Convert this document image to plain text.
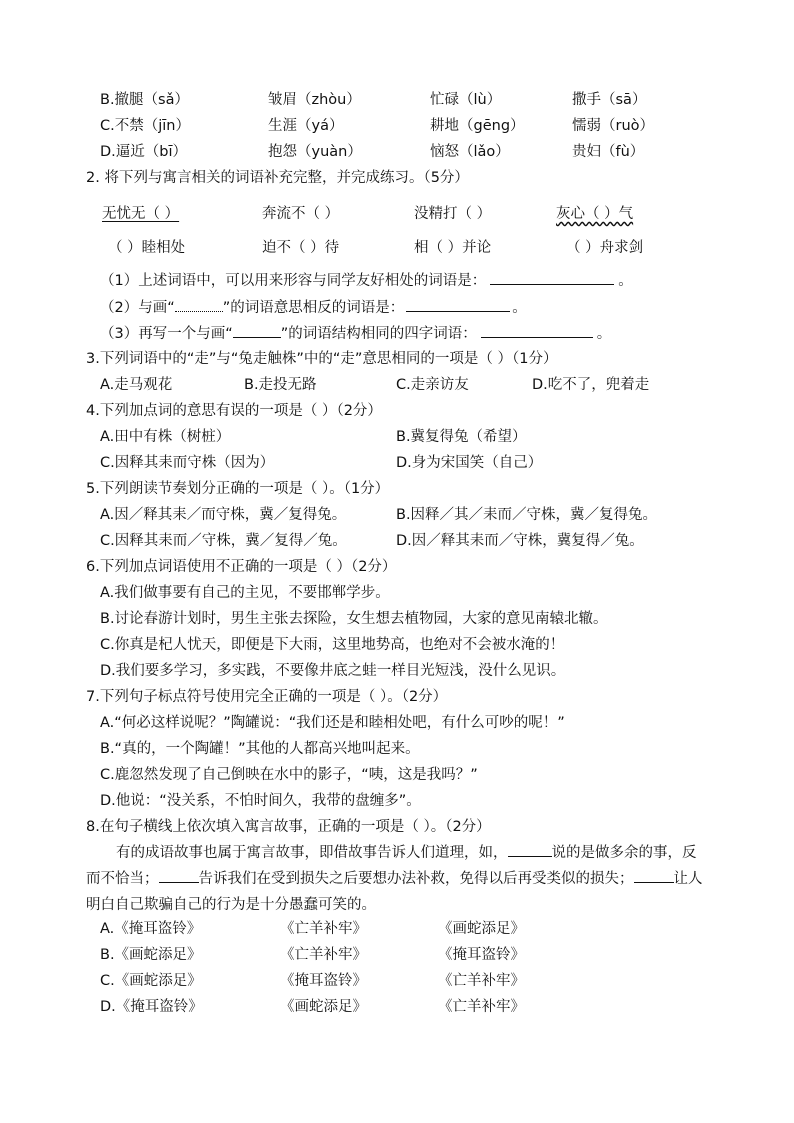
B.撤腿（sǎ）	皱眉（zhòu）	忙碌（lù）	撒手（sā）
C.不禁（jīn）	生涯（yá）	耕地（gēng）	懦弱（ruò）
D.逼近（bī）	抱怨（yuàn）	恼怒（lǎo）	贵妇（fù）
2. 将下列与寓言相关的词语补充完整，并完成练习。（5分）
无忧无（ ）	奔流不（ ）	没精打（ ）	灰心（ ）气
（ ）睦相处	迫不（ ）待	相（ ）并论	（ ）舟求剑
（1）上述词语中，可以用来形容与同学友好相处的词语是：	。
（2）与画“	”的词语意思相反的词语是：	。
（3）再写一个与画“	”的词语结构相同的四字词语：	。
3.下列词语中的“走”与“兔走触株”中的“走”意思相同的一项是（ ）（1分）
A.走马观花	B.走投无路	C.走亲访友	D.吃不了，兜着走
4.下列加点词的意思有误的一项是（ ）（2分）
A.田中有株（树桩）	B.冀复得兔（希望）
C.因释其耒而守株（因为）	D.身为宋国笑（自己）
5.下列朗读节奏划分正确的一项是（ ）。（1分）
A.因／释其耒／而守株，冀／复得兔。	B.因释／其／耒而／守株，冀／复得兔。
C.因释其耒而／守株，冀／复得／兔。	D.因／释其耒而／守株，冀复得／兔。
6.下列加点词语使用不正确的一项是（ ）（2分）
A.我们做事要有自己的主见，不要邯郸学步。
B.讨论春游计划时，男生主张去探险，女生想去植物园，大家的意见南辕北辙。
C.你真是杞人忧天，即便是下大雨，这里地势高，也绝对不会被水淹的！
D.我们要多学习，多实践，不要像井底之蛙一样目光短浅，没什么见识。
7.下列句子标点符号使用完全正确的一项是（ ）。（2分）
A.“何必这样说呢？”陶罐说：“我们还是和睦相处吧，有什么可吵的呢！”
B.“真的，一个陶罐！”其他的人都高兴地叫起来。
C.鹿忽然发现了自己倒映在水中的影子，“咦，这是我吗？”
D.他说：“没关系，不怕时间久，我带的盘缠多”。
8.在句子横线上依次填入寓言故事，正确的一项是（ ）。（2分）
有的成语故事也属于寓言故事，即借故事告诉人们道理，如，	说的是做多余的事，反而不恰当；	告诉我们在受到损失之后要想办法补救，免得以后再受类似的损失；	让人明白自己欺骗自己的行为是十分愚蠢可笑的。
A.《掩耳盗铃》	《亡羊补牢》	《画蛇添足》
B.《画蛇添足》	《亡羊补牢》	《掩耳盗铃》
C.《画蛇添足》	《掩耳盗铃》	《亡羊补牢》
D.《掩耳盗铃》	《画蛇添足》	《亡羊补牢》
